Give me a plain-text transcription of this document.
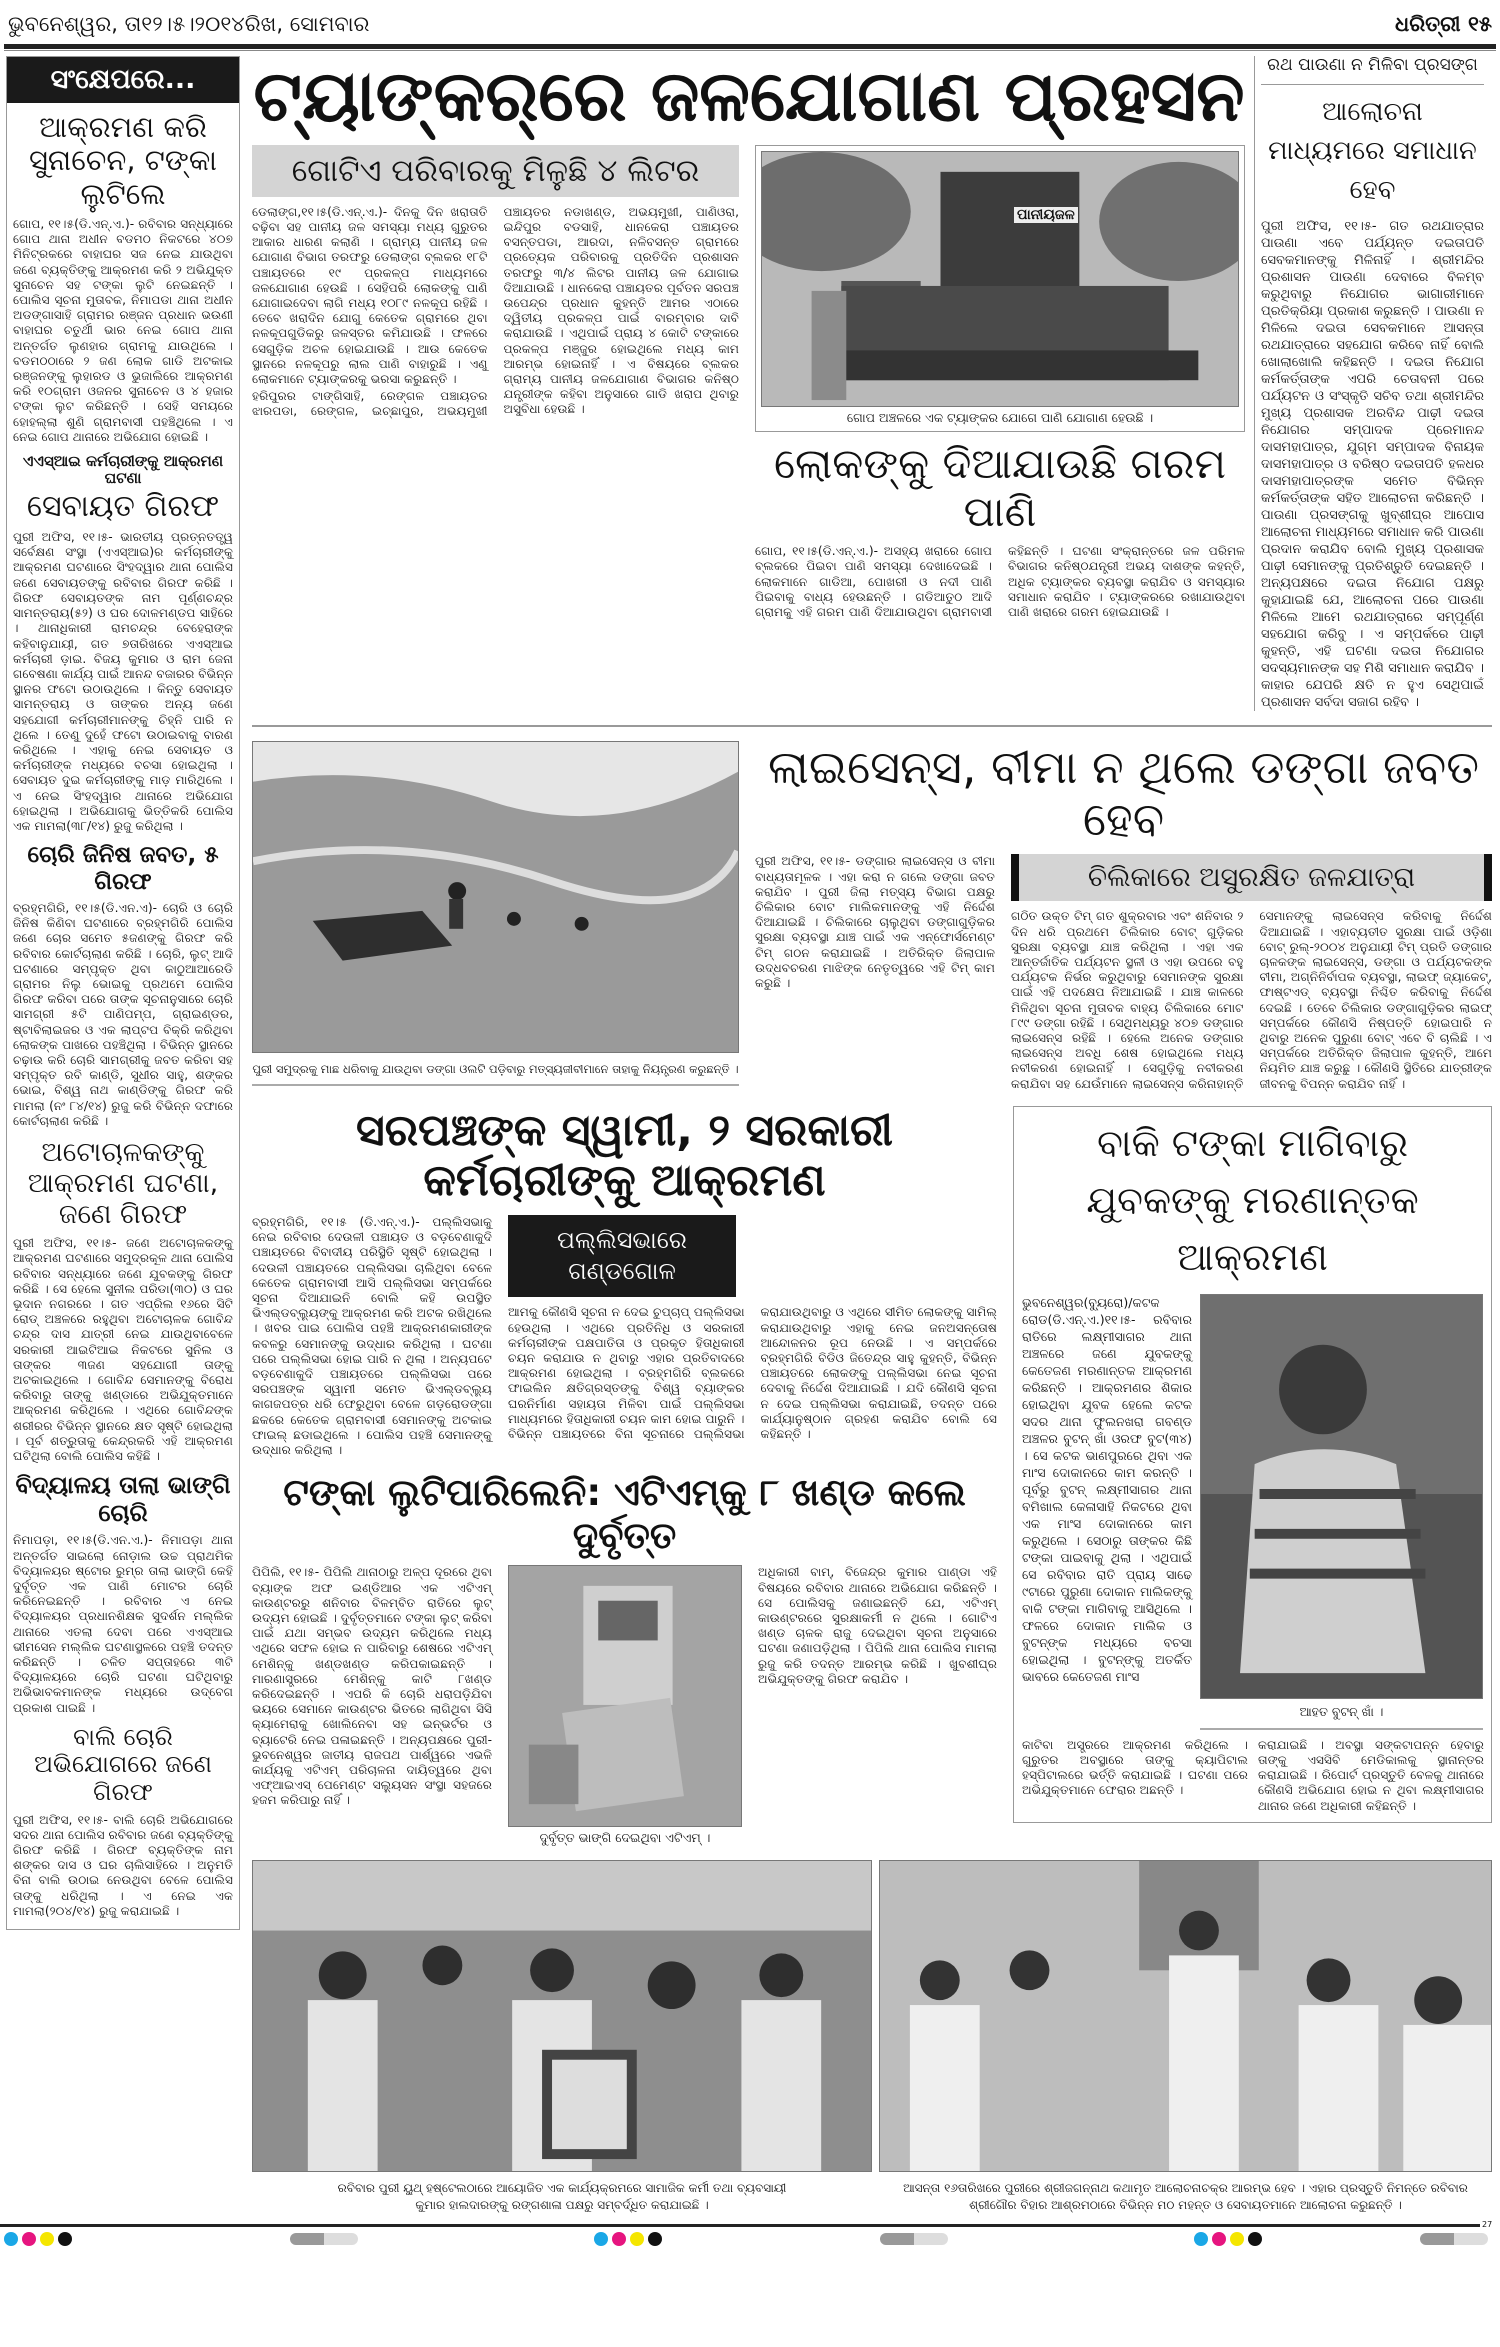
ଭୁବନେଶ୍ୱର, ତା୧୨।୫।୨୦୧୪ରିଖ, ସୋମବାର	ଧରିତ୍ରୀ ୧୫
ସଂକ୍ଷେପରେ...
ଆକ୍ରମଣ କରି ସୁନାଚେନ, ଟଙ୍କା ଲୁଟିଲେ
ଗୋପ, ୧୧।୫(ଡି.ଏନ୍.ଏ.)- ରବିବାର ସନ୍ଧ୍ୟାରେ ଗୋପ ଥାନା ଅଧୀନ ବଡମଠ ନିକଟରେ ୪୦୭ ମିନିଟ୍ରକରେ ବାହାଘର ସଜ ନେଇ ଯାଉଥିବା ଜଣେ ବ୍ୟକ୍ତିଙ୍କୁ ଆକ୍ରମଣ କରି ୨ ଅଭିଯୁକ୍ତ ସୁନାଚେନ ସହ ଟଙ୍କା ଲୁଟି ନେଇଛନ୍ତି । ପୋଲିସ ସୂଚନା ମୁତାବକ, ନିମାପଡା ଥାନା ଅଧୀନ ଅଡଙ୍ଗାସାହି ଗ୍ରାମର ରଞ୍ଜନ ପ୍ରଧାନ ଭଉଣୀ ବାହାଘର ଚତୁର୍ଥୀ ଭାର ନେଇ ଗୋପ ଥାନା ଅନ୍ତର୍ଗତ ଲୁଣହାର ଗ୍ରାମକୁ ଯାଉଥିଲେ । ବଡମଠଠାରେ ୨ ଜଣ ଲୋକ ଗାଡି ଅଟକାଇ ରଞ୍ଜନଙ୍କୁ ଲୁହାରଡ ଓ ଭୁଜାଲିରେ ଆକ୍ରମଣ କରି ୧୦ଗ୍ରାମ ଓଜନର ସୁନାଚେନ ଓ ୪ ହଜାର ଟଙ୍କା ଲୁଟ କରିଛନ୍ତି । ସେହି ସମୟରେ ହୋହଲ୍ଲା ଶୁଣି ଗ୍ରାମବାସୀ ପହଞ୍ଚିଥିଲେ । ଏ ନେଇ ଗୋପ ଥାନାରେ ଅଭିଯୋଗ ହୋଇଛି ।
ଏଏସ୍ଆଇ କର୍ମଚାରୀଙ୍କୁ ଆକ୍ରମଣ ଘଟଣା
ସେବାୟତ ଗିରଫ
ପୁରୀ ଅଫିସ, ୧୧।୫- ଭାରତୀୟ ପ୍ରତ୍ନତତ୍ତ୍ୱ ସର୍ବେକ୍ଷଣ ସଂସ୍ଥା (ଏଏସ୍ଆଇ)ର କର୍ମଚାରୀଙ୍କୁ ଆକ୍ରମଣ ଘଟଣାରେ ସିଂହଦ୍ୱାର ଥାନା ପୋଲିସ ଜଣେ ସେବାୟତଙ୍କୁ ରବିବାର ଗିରଫ କରିଛି । ଗିରଫ ସେବାୟତଙ୍କ ନାମ ପୂର୍ଣ୍ଣଚନ୍ଦ୍ର ସାମନ୍ତରାୟ(୫୨) ଓ ଘର ଦୋଳମଣ୍ଡପ ସାହିରେ । ଥାନାଧିକାରୀ ରାମଚନ୍ଦ୍ର ବେହେରାଙ୍କ କହିବାନୁଯାୟୀ, ଗତ ୭ତାରିଖରେ ଏଏସ୍ଆଇ କର୍ମଚାରୀ ଡ଼ାଇ. ବିଜୟ କୁମାର ଓ ରାମ ଜେନା ଗବେଷଣା କାର୍ଯ୍ୟ ପାଇଁ ଆନନ୍ଦ ବଜାରର ବିଭିନ୍ନ ସ୍ଥାନର ଫଟୋ ଉଠାଉଥିଲେ । କିନ୍ତୁ ସେବାୟତ ସାମନ୍ତରାୟ ଓ ତାଙ୍କର ଅନ୍ୟ ଜଣେ ସହଯୋଗୀ କର୍ମଚାରୀମାନଙ୍କୁ ଚିହ୍ନି ପାରି ନ ଥିଲେ । ତେଣୁ ଦୁହେଁ ଫଟୋ ଉଠାଇବାକୁ ବାରଣ କରିଥିଲେ । ଏହାକୁ ନେଇ ସେବାୟତ ଓ କର୍ମଚାରୀଙ୍କ ମଧ୍ୟରେ ବଚସା ହୋଇଥିଲା । ସେବାୟତ ଦୁଇ କର୍ମଚାରୀଙ୍କୁ ମାଡ଼ ମାରିଥିଲେ । ଏ ନେଇ ସିଂହଦ୍ୱାର ଥାନାରେ ଅଭିଯୋଗ ହୋଇଥିଲା । ଅଭିଯୋଗକୁ ଭିତ୍ତିକରି ପୋଲିସ ଏକ ମାମଲା(୩୮/୧୪) ରୁଜୁ କରିଥିଲା ।
ଚୋରି ଜିନିଷ ଜବତ, ୫ ଗିରଫ
ବ୍ରହ୍ମଗିରି, ୧୧।୫(ଡି.ଏନ.ଏ)- ଚୋରି ଓ ଚୋରି ଜିନିଷ କିଣିବା ଘଟଣାରେ ବ୍ରହ୍ମଗିରି ପୋଲିସ ଜଣେ ଚୋର ସମେତ ୫ଜଣଙ୍କୁ ଗିରଫ କରି ରବିବାର କୋର୍ଟଚାଲାଣ କରିଛି । ଚୋରି, ଲୁଟ୍ ଆଦି ଘଟଣାରେ ସମ୍ପୃକ୍ତ ଥିବା କାଠୁଆଆରେଡି ଗ୍ରାମର ନିଲୁ ଭୋଇକୁ ପ୍ରଥମେ ପୋଲିସ ଗିରଫ କରିବା ପରେ ତାଙ୍କ ସୂଚନାନୁସାରେ ଚୋରି ସାମଗ୍ରୀ ୫ଟି ପାଣିପମ୍ପ, ଗ୍ରାଇଣ୍ଡର, ଷ୍ଟାବିଲାଇଜର ଓ ଏକ ଲାପ୍‌ଟପ ବିକ୍ରି କରିଥିବା ଲୋକଙ୍କ ପାଖରେ ପହଞ୍ଚିଥିଲା । ବିଭିନ୍ନ ସ୍ଥାନରେ ଚଢ଼ାଉ କରି ଚୋରି ସାମଗ୍ରୀକୁ ଜବତ କରିବା ସହ ସମ୍ପୃକ୍ତ ରବି କାଣ୍ଡି, ସୁଧୀର ସାହୁ, ଶଙ୍କର ଭୋଇ, ବିଶ୍ୱ ନାଥ କାଣ୍ଡିଙ୍କୁ ଗିରଫ କରି ମାମଲା (ନଂ ୮୪/୧୪) ରୁଜୁ କରି ବିଭିନ୍ନ ଦଫାରେ କୋର୍ଟଚାଲାଣ କରିଛି ।
ଅଟୋଚାଳକଙ୍କୁ ଆକ୍ରମଣ ଘଟଣା, ଜଣେ ଗିରଫ
ପୁରୀ ଅଫିସ, ୧୧।୫- ଜଣେ ଅଟୋଚାଳକଙ୍କୁ ଆକ୍ରମଣ ଘଟଣାରେ ସମୁଦ୍ରକୂଳ ଥାନା ପୋଲିସ ରବିବାର ସନ୍ଧ୍ୟାରେ ଜଣେ ଯୁବକଙ୍କୁ ଗିରଫ କରିଛି । ସେ ହେଲେ ସୁନୀଲ ପରିଡା(୩୦) ଓ ଘର ଭୂଦାନ ନଗରରେ । ଗତ ଏପ୍ରିଲ ୧୬ରେ ସିଟି ରୋଡ୍ ଅଞ୍ଚଳରେ ରହୁଥିବା ଅଟୋଚାଳକ ଗୋବିନ୍ଦ ଚନ୍ଦ୍ର ଦାସ ଯାତ୍ରୀ ନେଇ ଯାଉଥିବାବେଳେ ସରକାରୀ ଆଇଟିଆଇ ନିକଟରେ ସୁନିଲ ଓ ତାଙ୍କର ୩ଜଣ ସହଯୋଗୀ ତାଙ୍କୁ ଅଟକାଇଥିଲେ । ଗୋବିନ୍ଦ ସେମାନଙ୍କୁ ବିରୋଧ କରିବାରୁ ତାଙ୍କୁ ଖଣ୍ଡାରେ ଅଭିଯୁକ୍ତମାନେ ଆକ୍ରମଣ କରିଥିଲେ । ଏଥିରେ ଗୋବିନ୍ଦଙ୍କ ଶରୀରର ବିଭିନ୍ନ ସ୍ଥାନରେ କ୍ଷତ ସୃଷ୍ଟି ହୋଇଥିଲା । ପୂର୍ବ ଶତ୍ରୁତାକୁ କେନ୍ଦ୍ରକରି ଏହି ଆକ୍ରମଣ ଘଟିଥିଲା ବୋଲି ପୋଲିସ କହିଛି ।
ବିଦ୍ୟାଳୟ ତାଲା ଭାଙ୍ଗି ଚୋରି
ନିମାପଡ଼ା, ୧୧।୫(ଡି.ଏନ.ଏ.)- ନିମାପଡ଼ା ଥାନା ଅନ୍ତର୍ଗତ ସାଇଲୋ ନୋଡ଼ାଲ ଉଚ୍ଚ ପ୍ରାଥମିକ ବିଦ୍ୟାଳୟର ଷ୍ଟୋର ରୁମ୍‌ର ତାଲା ଭାଙ୍ଗି କେହି ଦୁର୍ବୃତ୍ତ ଏକ ପାଣି ମୋଟର ଚୋରି କରିନେଇଛନ୍ତି । ରବିବାର ଏ ନେଇ ବିଦ୍ୟାଳୟର ପ୍ରଧାନଶିକ୍ଷକ ସୁଦର୍ଶନ ମଲ୍ଲିକ ଥାନାରେ ଏତଲା ଦେବା ପରେ ଏଏସ୍ଆଇ ଭୀମସେନ ମଲ୍ଲିକ ଘଟଣାସ୍ଥଳରେ ପହଞ୍ଚି ତଦନ୍ତ କରିଛନ୍ତି । ଚଳିତ ସପ୍ତାହରେ ୩ଟି ବିଦ୍ୟାଳୟରେ ଚୋରି ଘଟଣା ଘଟିଥିବାରୁ ଅଭିଭାବକମାନଙ୍କ ମଧ୍ୟରେ ଉଦ୍‌ବେଗ ପ୍ରକାଶ ପାଇଛି ।
ବାଲି ଚୋରି ଅଭିଯୋଗରେ ଜଣେ ଗିରଫ
ପୁରୀ ଅଫିସ, ୧୧।୫- ବାଲି ଚୋରି ଅଭିଯୋଗରେ ସଦର ଥାନା ପୋଲିସ ରବିବାର ଜଣେ ବ୍ୟକ୍ତିଙ୍କୁ ଗିରଫ କରିଛି । ଗିରଫ ବ୍ୟକ୍ତିଙ୍କ ନାମ ଶଙ୍କର ଦାସ ଓ ଘର ଚାଲିସାହିରେ । ଅନୁମତି ବିନା ବାଲି ଉଠାଇ ନେଉଥିବା ବେଳେ ପୋଲିସ ତାଙ୍କୁ ଧରିଥିଲା । ଏ ନେଇ ଏକ ମାମଲା(୨୦୪/୧୪) ରୁଜୁ କରାଯାଇଛି ।
ଟ୍ୟାଙ୍କର୍‌ରେ ଜଳଯୋଗାଣ ପ୍ରହସନ
ଗୋଟିଏ ପରିବାରକୁ ମିଳୁଛି ୪ ଲିଟର

ଡେଲାଙ୍ଗ,୧୧।୫(ଡି.ଏନ୍.ଏ.)- ଦିନକୁ ଦିନ ଖରାତାତି ବଢ଼ିବା ସହ ପାନୀୟ ଜଳ ସମସ୍ୟା ମଧ୍ୟ ଗୁରୁତର ଆକାର ଧାରଣ କଲାଣି । ଗ୍ରାମ୍ୟ ପାନୀୟ ଜଳ ଯୋଗାଣ ବିଭାଗ ତରଫରୁ ଡେଲାଙ୍ଗ ବ୍ଲକର ୧୮ଟି ପଞ୍ଚାୟତରେ ୧୯ ପ୍ରକଳ୍ପ ମାଧ୍ୟମରେ ଜଳଯୋଗାଣ ହେଉଛି । ସେହିପରି ଲୋକଙ୍କୁ ପାଣି ଯୋଗାଇଦେବା ଲାଗି ମଧ୍ୟ ୧୦୮୯ ନଳକୂପ ରହିଛି । ତେବେ ଖରାଦିନ ଯୋଗୁ କେତେକ ଗ୍ରାମରେ ଥିବା ନଳକୂପଗୁଡିକରୁ ଜଳସ୍ତର କମିଯାଉଛି । ଫଳରେ ସେଗୁଡ଼ିକ ଅଚଳ ହୋଇଯାଉଛି । ଆଉ କେତେକ ସ୍ଥାନରେ ନଳକୂପରୁ ଲାଲ ପାଣି ବାହାରୁଛି । ଏଣୁ ଲୋକମାନେ ଟ୍ୟାଙ୍କରକୁ ଭରସା କରୁଛନ୍ତି ।

ହରିପୁରର ଟାଙ୍ଗିସାହି, ରେଙ୍ଗଳ ପଞ୍ଚାୟତର ଝାରପଡା, ରେଙ୍ଗଳ, ଇଚ୍ଛାପୁର, ଅଭୟମୁଖୀ ପଞ୍ଚାୟତର ନଡାଖଣ୍ଡ, ଅଭୟମୁଖୀ, ପାଣିଓରା, ଇନ୍ଦିପୁର ବଡସାହି, ଧାନକେରା ପଞ୍ଚାୟତର ବସନ୍ତପଡା, ଆରଦା, ନଳିବସନ୍ତ ଗ୍ରାମରେ ପ୍ରତ୍ୟେକ ପରିବାରକୁ ପ୍ରତିଦିନ ପ୍ରଶାସନ ତରଫରୁ ୩/୪ ଲିଟର ପାନୀୟ ଜଳ ଯୋଗାଇ ଦିଆଯାଉଛି । ଧାନକେରା ପଞ୍ଚାୟତର ପୂର୍ବତନ ସରପଞ୍ଚ ଉପେନ୍ଦ୍ର ପ୍ରଧାନ କୁହନ୍ତି ଆମର ଏଠାରେ ଦ୍ୱିତୀୟ ପ୍ରକଳ୍ପ ପାଇଁ ବାରମ୍ବାର ଦାବି କରାଯାଉଛି । ଏଥିପାଇଁ ପ୍ରାୟ ୪ କୋଟି ଟଙ୍କାରେ ପ୍ରକଳ୍ପ ମଞ୍ଜୁର ହୋଇଥିଲେ ମଧ୍ୟ କାମ ଆରମ୍ଭ ହୋଇନାହିଁ । ଏ ବିଷୟରେ ବ୍ଲକର ଗ୍ରାମ୍ୟ ପାନୀୟ ଜଳଯୋଗାଣ ବିଭାଗର କନିଷ୍ଠ ଯନ୍ତ୍ରୀଙ୍କ କହିବା ଅନୁସାରେ ଗାଡି ଖରାପ ଥିବାରୁ ଅସୁବିଧା ହେଉଛି ।

ପାନୀୟଜଳ
ଗୋପ ଅଞ୍ଚଳରେ ଏକ ଟ୍ୟାଙ୍କର ଯୋଗେ ପାଣି ଯୋଗାଣ ହେଉଛି ।
ଲୋକଙ୍କୁ ଦିଆଯାଉଛି ଗରମ ପାଣି
ଗୋପ, ୧୧।୫(ଡି.ଏନ୍.ଏ.)- ଅସହ୍ୟ ଖରାରେ ଗୋପ ବ୍ଲକରେ ପିଇବା ପାଣି ସମସ୍ୟା ଦେଖାଦେଇଛି । ଲୋକମାନେ ଗାଡିଆ, ପୋଖରୀ ଓ ନଦୀ ପାଣି ପିଇବାକୁ ବାଧ୍ୟ ହେଉଛନ୍ତି । ଗଡିଆତୁଠ ଆଦି ଗ୍ରାମକୁ ଏହି ଗରମ ପାଣି ଦିଆଯାଉଥିବା ଗ୍ରାମବାସୀ କହିଛନ୍ତି । ଘଟଣା ସଂକ୍ରାନ୍ତରେ ଜଳ ପରିମଳ ବିଭାଗର କନିଷ୍ଠଯନ୍ତ୍ରୀ ଅଭୟ ଦାଶଙ୍କ କହନ୍ତି, ଅଧିକ ଟ୍ୟାଙ୍କର ବ୍ୟବସ୍ଥା କରାଯିବ ଓ ସମସ୍ୟାର ସମାଧାନ କରାଯିବ । ଟ୍ୟାଙ୍କରରେ ରଖାଯାଉଥିବା ପାଣି ଖରାରେ ଗରମ ହୋଇଯାଉଛି ।
ରଥ ପାଉଣା ନ ମିଳିବା ପ୍ରସଙ୍ଗ
ଆଲୋଚନା ମାଧ୍ୟମରେ ସମାଧାନ ହେବ
ପୁରୀ ଅଫିସ, ୧୧।୫- ଗତ ରଥଯାତ୍ରାର ପାଉଣା ଏବେ ପର୍ଯ୍ୟନ୍ତ ଦଇତାପତି ସେବକମାନଙ୍କୁ ମିଳିନାହିଁ । ଶ୍ରୀମନ୍ଦିର ପ୍ରଶାସନ ପାଉଣା ଦେବାରେ ବିଳମ୍ବ କରୁଥିବାରୁ ନିଯୋଗର ଭାଗାରୀମାନେ ପ୍ରତିକ୍ରିୟା ପ୍ରକାଶ କରୁଛନ୍ତି । ପାଉଣା ନ ମିଳିଲେ ଦଇତା ସେବକମାନେ ଆସନ୍ତା ରଥଯାତ୍ରାରେ ସହଯୋଗ କରିବେ ନାହିଁ ବୋଲି ଖୋଲାଖୋଲି କହିଛନ୍ତି । ଦଇତା ନିଯୋଗ କର୍ମକର୍ତ୍ତାଙ୍କ ଏପରି ଚେତାବନୀ ପରେ ପର୍ଯ୍ୟଟନ ଓ ସଂସ୍କୃତି ସଚିବ ତଥା ଶ୍ରୀମନ୍ଦିର ମୁଖ୍ୟ ପ୍ରଶାସକ ଅରବିନ୍ଦ ପାଢ଼ୀ ଦଇତା ନିଯୋଗର ସମ୍ପାଦକ ପ୍ରେମାନନ୍ଦ ଦାସମହାପାତ୍ର, ଯୁଗ୍ମ ସମ୍ପାଦକ ବିନାୟକ ଦାସମହାପାତ୍ର ଓ ବରିଷ୍ଠ ଦଇତାପତି ହଳଧର ଦାସମହାପାତ୍ରଙ୍କ ସମେତ ବିଭିନ୍ନ କର୍ମକର୍ତ୍ତାଙ୍କ ସହିତ ଆଲୋଚନା କରିଛନ୍ତି । ପାଉଣା ପ୍ରସଙ୍ଗକୁ ଖୁବ୍‌ଶୀଘ୍ର ଆପୋସ ଆଲୋଚନା ମାଧ୍ୟମରେ ସମାଧାନ କରି ପାଉଣା ପ୍ରଦାନ କରାଯିବ ବୋଲି ମୁଖ୍ୟ ପ୍ରଶାସକ ପାଢ଼ୀ ସେମାନଙ୍କୁ ପ୍ରତିଶ୍ରୁତି ଦେଇଛନ୍ତି । ଅନ୍ୟପକ୍ଷରେ ଦଇତା ନିଯୋଗ ପକ୍ଷରୁ କୁହାଯାଇଛି ଯେ, ଆଲୋଚନା ପରେ ପାଉଣା ମିଳିଲେ ଆମେ ରଥଯାତ୍ରାରେ ସମ୍ପୂର୍ଣ୍ଣ ସହଯୋଗ କରିବୁ । ଏ ସମ୍ପର୍କରେ ପାଢ଼ୀ କୁହନ୍ତି, ଏହି ଘଟଣା ଦଇତା ନିଯୋଗର ସଦସ୍ୟମାନଙ୍କ ସହ ମିଶି ସମାଧାନ କରାଯିବ । କାହାର ଯେପରି କ୍ଷତି ନ ହୁଏ ସେଥିପାଇଁ ପ୍ରଶାସନ ସର୍ବଦା ସଜାଗ ରହିବ ।
ପୁରୀ ସମୁଦ୍ରକୁ ମାଛ ଧରିବାକୁ ଯାଉଥିବା ଡଙ୍ଗା ଓଲଟି ପଡ଼ିବାରୁ ମତ୍ସ୍ୟଜୀବୀମାନେ ତାହାକୁ ନିୟନ୍ତ୍ରଣ କରୁଛନ୍ତି ।
ଲାଇସେନ୍ସ, ବୀମା ନ ଥିଲେ ଡଙ୍ଗା ଜବତ ହେବ
ପୁରୀ ଅଫିସ, ୧୧।୫- ଡଙ୍ଗାର ଲାଇସେନ୍ସ ଓ ବୀମା ବାଧ୍ୟତାମୂଳକ । ଏହା କରା ନ ଗଲେ ଡଙ୍ଗା ଜବତ କରାଯିବ । ପୁରୀ ଜିଲା ମତ୍ସ୍ୟ ବିଭାଗ ପକ୍ଷରୁ ଚିଲିକାର ବୋଟ ମାଲିକମାନଙ୍କୁ ଏହି ନିର୍ଦ୍ଦେଶ ଦିଆଯାଇଛି । ଚିଲିକାରେ ଚାଲୁଥିବା ଡଙ୍ଗାଗୁଡ଼ିକର ସୁରକ୍ଷା ବ୍ୟବସ୍ଥା ଯାଞ୍ଚ ପାଇଁ ଏକ ଏନ୍‌ଫୋର୍ସମେଣ୍ଟ ଟିମ୍ ଗଠନ କରାଯାଇଛି । ଅତିରିକ୍ତ ଜିଲାପାଳ ଉଦ୍ଧବଚରଣ ମାଝିଙ୍କ ନେତୃତ୍ୱରେ ଏହି ଟିମ୍ କାମ କରୁଛି ।
ଚିଲିକାରେ ଅସୁରକ୍ଷିତ ଜଳଯାତ୍ରା
ଗଠିତ ଉକ୍ତ ଟିମ୍ ଗତ ଶୁକ୍ରବାର ଏବଂ ଶନିବାର ୨ ଦିନ ଧରି ପ୍ରଥମେ ଚିଲିକାର ବୋଟ୍ ଗୁଡ଼ିକର ସୁରକ୍ଷା ବ୍ୟବସ୍ଥା ଯାଞ୍ଚ କରିଥିଲା । ଏହା ଏକ ଆନ୍ତର୍ଜାତିକ ପର୍ଯ୍ୟଟନ ସ୍ଥଳୀ ଓ ଏହା ଉପରେ ବହୁ ପର୍ଯ୍ୟଟକ ନିର୍ଭର କରୁଥିବାରୁ ସେମାନଙ୍କ ସୁରକ୍ଷା ପାଇଁ ଏହି ପଦକ୍ଷେପ ନିଆଯାଇଛି । ଯାଞ୍ଚ କାଳରେ ମିଳିଥିବା ସୂଚନା ମୁତାବକ ବାହ୍ୟ ଚିଲିକାରେ ମୋଟ ୮୯୯ ଡଙ୍ଗା ରହିଛି । ସେଥିମଧ୍ୟରୁ ୪୦୭ ଡଙ୍ଗାର ଲାଇସେନ୍ସ ରହିଛି । ହେଲେ ଅନେକ ଡଙ୍ଗାର ଲାଇସେନ୍ସ ଅବଧି ଶେଷ ହୋଇଥିଲେ ମଧ୍ୟ ନବୀକରଣ ହୋଇନାହିଁ । ସେଗୁଡ଼ିକୁ ନବୀକରଣ କରାଯିବା ସହ ଯେଉଁମାନେ ଲାଇସେନ୍ସ କରିନାହାନ୍ତି ସେମାନଙ୍କୁ ଲାଇସେନ୍ସ କରିବାକୁ ନିର୍ଦ୍ଦେଶ ଦିଆଯାଇଛି । ଏହାବ୍ୟତୀତ ସୁରକ୍ଷା ପାଇଁ ଓଡ଼ିଶା ବୋଟ୍ ରୁଲ୍-୨୦୦୪ ଅନୁଯାୟୀ ଟିମ୍ ପ୍ରତି ଡଙ୍ଗାର ଚାଳକଙ୍କ ଲାଇସେନ୍ସ, ଡଙ୍ଗା ଓ ପର୍ଯ୍ୟଟକଙ୍କ ବୀମା, ଅଗ୍ନିନିର୍ବାପକ ବ୍ୟବସ୍ଥା, ଲାଇଫ୍ ଜ୍ୟାକେଟ୍, ଫାଷ୍ଟଏଡ୍ ବ୍ୟବସ୍ଥା ନିଶ୍ଚିତ କରିବାକୁ ନିର୍ଦ୍ଦେଶ ଦେଇଛି । ତେବେ ଚିଲିକାର ଡଙ୍ଗାଗୁଡ଼ିକର ଲାଇଫ୍ ସମ୍ପର୍କରେ କୌଣସି ନିଷ୍ପତ୍ତି ହୋଇପାରି ନ ଥିବାରୁ ଅନେକ ପୁରୁଣା ବୋଟ୍ ଏବେ ବି ଚାଲିଛି । ଏ ସମ୍ପର୍କରେ ଅତିରିକ୍ତ ଜିଲାପାଳ କୁହନ୍ତି, ଆମେ ନିୟମିତ ଯାଞ୍ଚ କରୁଛୁ । କୌଣସି ସ୍ଥିତିରେ ଯାତ୍ରୀଙ୍କ ଜୀବନକୁ ବିପନ୍ନ କରାଯିବ ନାହିଁ ।
ସରପଞ୍ଚଙ୍କ ସ୍ୱାମୀ, ୨ ସରକାରୀ କର୍ମଚାରୀଙ୍କୁ ଆକ୍ରମଣ
ବ୍ରହ୍ମଗିରି, ୧୧।୫ (ଡି.ଏନ୍.ଏ.)- ପଲ୍ଲିସଭାକୁ ନେଇ ରବିବାର ଦେଉଳୀ ପଞ୍ଚାୟତ ଓ ବଡ଼ବେଣାକୁଦି ପଞ୍ଚାୟତରେ ବିବାଦୀୟ ପରିସ୍ଥିତି ସୃଷ୍ଟି ହୋଇଥିଲା । ଦେଉଳୀ ପଞ୍ଚାୟତରେ ପଲ୍ଲିସଭା ଚାଲିଥିବା ବେଳେ କେତେକ ଗ୍ରାମବାସୀ ଆସି ପଲ୍ଲିସଭା ସମ୍ପର୍କରେ ସୂଚନା ଦିଆଯାଇନି ବୋଲି କହି ଉପସ୍ଥିତ ଭିଏଲ୍‌ଡବ୍ଲ୍ୟୁଙ୍କୁ ଆକ୍ରମଣ କରି ଅଟକ ରଖିଥିଲେ । ଖବର ପାଇ ପୋଲିସ ପହଞ୍ଚି ଆକ୍ରମଣକାରୀଙ୍କ କବଳରୁ ସେମାନଙ୍କୁ ଉଦ୍ଧାର କରିଥିଲା । ଘଟଣା ପରେ ପଲ୍ଲିସଭା ହୋଇ ପାରି ନ ଥିଲା । ଅନ୍ୟପଟେ ବଡ଼ବେଣାକୁଦି ପଞ୍ଚାୟତରେ ପଲ୍ଲିସଭା ପରେ ସରପଞ୍ଚଙ୍କ ସ୍ୱାମୀ ସମେତ ଭିଏଲ୍‌ଡବ୍ଲ୍ୟୁ କାଗଜପତ୍ର ଧରି ଫେରୁଥିବା ବେଳେ ଗଡ଼ରୋଡଙ୍ଗା ଛକରେ କେତେକ ଗ୍ରାମବାସୀ ସେମାନଙ୍କୁ ଅଟକାଇ ଫାଇଲ୍ ଛଡାଇଥିଲେ । ପୋଲିସ ପହଞ୍ଚି ସେମାନଙ୍କୁ ଉଦ୍ଧାର କରିଥିଲା ।
ପଲ୍ଲିସଭାରେ ଗଣ୍ଡଗୋଳ
ଆମକୁ କୌଣସି ସୂଚନା ନ ଦେଇ ଚୁପ୍‌ଚାପ୍ ପଲ୍ଲିସଭା ହେଉଥିଲା । ଏଥିରେ ପ୍ରତିନିଧି ଓ ସରକାରୀ କର୍ମଚାରୀଙ୍କ ପକ୍ଷପାତିତା ଓ ପ୍ରକୃତ ହିତାଧିକାରୀ ଚୟନ କରାଯାଉ ନ ଥିବାରୁ ଏହାର ପ୍ରତିବାଦରେ ଆକ୍ରମଣ ହୋଇଥିଲା । ବ୍ରହ୍ମଗିରି ବ୍ଲକରେ ଫାଇଲିନ କ୍ଷତିଗ୍ରସ୍ତଙ୍କୁ ବିଶ୍ୱ ବ୍ୟାଙ୍କର ଘରନିର୍ମାଣ ସହାୟତା ମିଳିବା ପାଇଁ ପଲ୍ଲିସଭା ମାଧ୍ୟମରେ ହିତାଧିକାରୀ ଚୟନ କାମ ହୋଇ ପାରୁନି । ବିଭିନ୍ନ ପଞ୍ଚାୟତରେ ବିନା ସୂଚନାରେ ପଲ୍ଲିସଭା କରାଯାଉଥିବାରୁ ଓ ଏଥିରେ ସୀମିତ ଲୋକଙ୍କୁ ସାମିଲ୍ କରାଯାଉଥିବାରୁ ଏହାକୁ ନେଇ ଜନଅସନ୍ତୋଷ ଆନ୍ଦୋଳନର ରୂପ ନେଉଛି । ଏ ସମ୍ପର୍କରେ ବ୍ରହ୍ମଗିରି ବିଡିଓ ଜିତେନ୍ଦ୍ର ସାହୁ କୁହନ୍ତି, ବିଭିନ୍ନ ପଞ୍ଚାୟତରେ ଲୋକଙ୍କୁ ପଲ୍ଲିସଭା ନେଇ ସୂଚନା ଦେବାକୁ ନିର୍ଦ୍ଦେଶ ଦିଆଯାଇଛି । ଯଦି କୌଣସି ସୂଚନା ନ ଦେଇ ପଲ୍ଲିସଭା କରାଯାଇଛି, ତଦନ୍ତ ପରେ କାର୍ଯ୍ୟାନୁଷ୍ଠାନ ଗ୍ରହଣ କରାଯିବ ବୋଲି ସେ କହିଛନ୍ତି ।
ଟଙ୍କା ଲୁଟିପାରିଲେନି: ଏଟିଏମ୍‌କୁ ୮ ଖଣ୍ଡ କଲେ ଦୁର୍ବୃତ୍ତ
ପିପିଲି, ୧୧।୫- ପିପିଲି ଥାନାଠାରୁ ଅଳ୍ପ ଦୂରରେ ଥିବା ବ୍ୟାଙ୍କ ଅଫ ଇଣ୍ଡିଆର ଏକ ଏଟିଏମ୍ କାଉଣ୍ଟରରୁ ଶନିବାର ବିଳମ୍ବିତ ରାତିରେ ଲୁଟ୍ ଉଦ୍ୟମ ହୋଇଛି । ଦୁର୍ବୃତ୍ତମାନେ ଟଙ୍କା ଲୁଟ୍ କରିବା ପାଇଁ ଯଥା ସମ୍ଭବ ଉଦ୍ୟମ କରିଥିଲେ ମଧ୍ୟ ଏଥିରେ ସଫଳ ହୋଇ ନ ପାରିବାରୁ ଶେଷରେ ଏଟିଏମ୍ ମେଶିନ୍‌କୁ ଖଣ୍ଡଖଣ୍ଡ କରିପକାଇଛନ୍ତି । ମାରଣାସ୍ତ୍ରରେ ମେଶିନ୍‌କୁ କାଟି ୮ଖଣ୍ଡ କରିଦେଇଛନ୍ତି । ଏପରି କି ଚୋରି ଧରାପଡ଼ିଯିବା ଭୟରେ ସେମାନେ କାଉଣ୍ଟର ଭିତରେ ଲାଗିଥିବା ସିସି କ୍ୟାମେରାକୁ ଖୋଲିନେବା ସହ ଇନ୍‌ଭର୍ଟର ଓ ବ୍ୟାଟେରି ନେଇ ପଳାଇଛନ୍ତି । ଅନ୍ୟପକ୍ଷରେ ପୁରୀ-ଭୁବନେଶ୍ୱର ଜାତୀୟ ରାଜପଥ ପାର୍ଶ୍ୱରେ ଏଭଳି କାର୍ଯ୍ୟକୁ ଏଟିଏମ୍ ପରିଚାଳନା ଦାୟିତ୍ୱରେ ଥିବା ଏଫ୍‌ଆଇଏସ୍ ପେମେଣ୍ଟ ସଲ୍ୟୁସନ ସଂସ୍ଥା ସହଜରେ ହଜମ କରିପାରୁ ନାହିଁ ।
ଦୁର୍ବୃତ୍ତ ଭାଙ୍ଗି ଦେଇଥିବା ଏଟିଏମ୍ ।
ଅଧିକାରୀ ବାମ୍, ବିଜେନ୍ଦ୍ର କୁମାର ପାଣ୍ଡା ଏହି ବିଷୟରେ ରବିବାର ଥାନାରେ ଅଭିଯୋଗ କରିଛନ୍ତି । ସେ ପୋଲିସକୁ ଜଣାଇଛନ୍ତି ଯେ, ଏଟିଏମ୍ କାଉଣ୍ଟରରେ ସୁରକ୍ଷାକର୍ମୀ ନ ଥିଲେ । ଗୋଟିଏ ଖଣ୍ଡ ଚାଳକ ରାଜୁ ଦେଇଥିବା ସୂଚନା ଅନୁସାରେ ଘଟଣା ଜଣାପଡ଼ିଥିଲା । ପିପିଲି ଥାନା ପୋଲିସ ମାମଲା ରୁଜୁ କରି ତଦନ୍ତ ଆରମ୍ଭ କରିଛି । ଖୁବଶୀଘ୍ର ଅଭିଯୁକ୍ତଙ୍କୁ ଗିରଫ କରାଯିବ ।
ବାକି ଟଙ୍କା ମାଗିବାରୁ ଯୁବକଙ୍କୁ ମରଣାନ୍ତକ ଆକ୍ରମଣ
ଭୁବନେଶ୍ୱର(ବ୍ୟୁରୋ)/କଟକ ରୋଡ(ଡି.ଏନ୍.ଏ.)୧୧।୫- ରବିବାର ରାତିରେ ଲକ୍ଷ୍ମୀସାଗର ଥାନା ଅଞ୍ଚଳରେ ଜଣେ ଯୁବକଙ୍କୁ କେତେଜଣ ମରଣାନ୍ତକ ଆକ୍ରମଣ କରିଛନ୍ତି । ଆକ୍ରମଣର ଶିକାର ହୋଇଥିବା ଯୁବକ ହେଲେ କଟକ ସଦର ଥାନା ଫୁଲନଖରା ଗବଣ୍ଡ ଅଞ୍ଚଳର ବୁଟନ୍ ଖାଁ ଓରଫ ବୁଟ(୩୪) । ସେ କଟକ ଭାଣପୁରରେ ଥିବା ଏକ ମାଂସ ଦୋକାନରେ କାମ କରନ୍ତି । ପୂର୍ବରୁ ବୁଟନ୍ ଲକ୍ଷ୍ମୀସାଗର ଥାନା ବମିଖାଲ କେଳାସାହି ନିକଟରେ ଥିବା ଏକ ମାଂସ ଦୋକାନରେ କାମ କରୁଥିଲେ । ସେଠାରୁ ତାଙ୍କର କିଛି ଟଙ୍କା ପାଇବାକୁ ଥିଲା । ଏଥିପାଇଁ ସେ ରବିବାର ରାତି ପ୍ରାୟ ସାଢେ ୯ଟାରେ ପୁରୁଣା ଦୋକାନ ମାଲିକଙ୍କୁ ବାକି ଟଙ୍କା ମାଗିବାକୁ ଆସିଥିଲେ । ଫଳରେ ଦୋକାନ ମାଲିକ ଓ ବୁଟନ୍‌ଙ୍କ ମଧ୍ୟରେ ବଚସା ହୋଇଥିଲା । ବୁଟନ୍‌ଙ୍କୁ ଅତର୍କିତ ଭାବରେ କେତେଜଣ ମାଂସ
ଆହତ ବୁଟନ୍ ଖାଁ ।
କାଟିବା ଅସ୍ତ୍ରରେ ଆକ୍ରମଣ କରିଥିଲେ । ଗୁରୁତର ଅବସ୍ଥାରେ ତାଙ୍କୁ କ୍ୟାପିଟାଲ ହସ୍ପିଟାଲରେ ଭର୍ତ୍ତି କରାଯାଇଛି । ଘଟଣା ପରେ ଅଭିଯୁକ୍ତମାନେ ଫେରାର ଅଛନ୍ତି ।
କରାଯାଇଛି । ଅବସ୍ଥା ସଙ୍କଟାପନ୍ନ ହେବାରୁ ତାଙ୍କୁ ଏସସିବି ମେଡିକାଲକୁ ସ୍ଥାନାନ୍ତର କରାଯାଇଛି । ରିପୋର୍ଟ ପ୍ରସ୍ତୁତି ବେଳକୁ ଥାନାରେ କୌଣସି ଅଭିଯୋଗ ହୋଇ ନ ଥିବା ଲକ୍ଷ୍ମୀସାଗର ଥାନାର ଜଣେ ଅଧିକାରୀ କହିଛନ୍ତି ।
ରବିବାର ପୁରୀ ୟୁଥ୍ ହଷ୍ଟେଲଠାରେ ଆୟୋଜିତ ଏକ କାର୍ଯ୍ୟକ୍ରମରେ ସାମାଜିକ କର୍ମୀ ତଥା ବ୍ୟବସାୟୀ କୁମାର ହାଲଦାରଙ୍କୁ ରଙ୍ଗଶାଳା ପକ୍ଷରୁ ସମ୍ବର୍ଦ୍ଧିତ କରାଯାଇଛି ।
ଆସନ୍ତା ୧୬ତାରିଖରେ ପୁରୀରେ ଶ୍ରୀଜଗନ୍ନାଥ କଥାମୃତ ଆଲୋଚନାଚକ୍ର ଆରମ୍ଭ ହେବ । ଏହାର ପ୍ରସ୍ତୁତି ନିମନ୍ତେ ରବିବାର ଶ୍ରୀଗୌର ବିହାର ଆଶ୍ରମଠାରେ ବିଭିନ୍ନ ମଠ ମହନ୍ତ ଓ ସେବାୟତମାନେ ଆଲୋଚନା କରୁଛନ୍ତି ।
27
